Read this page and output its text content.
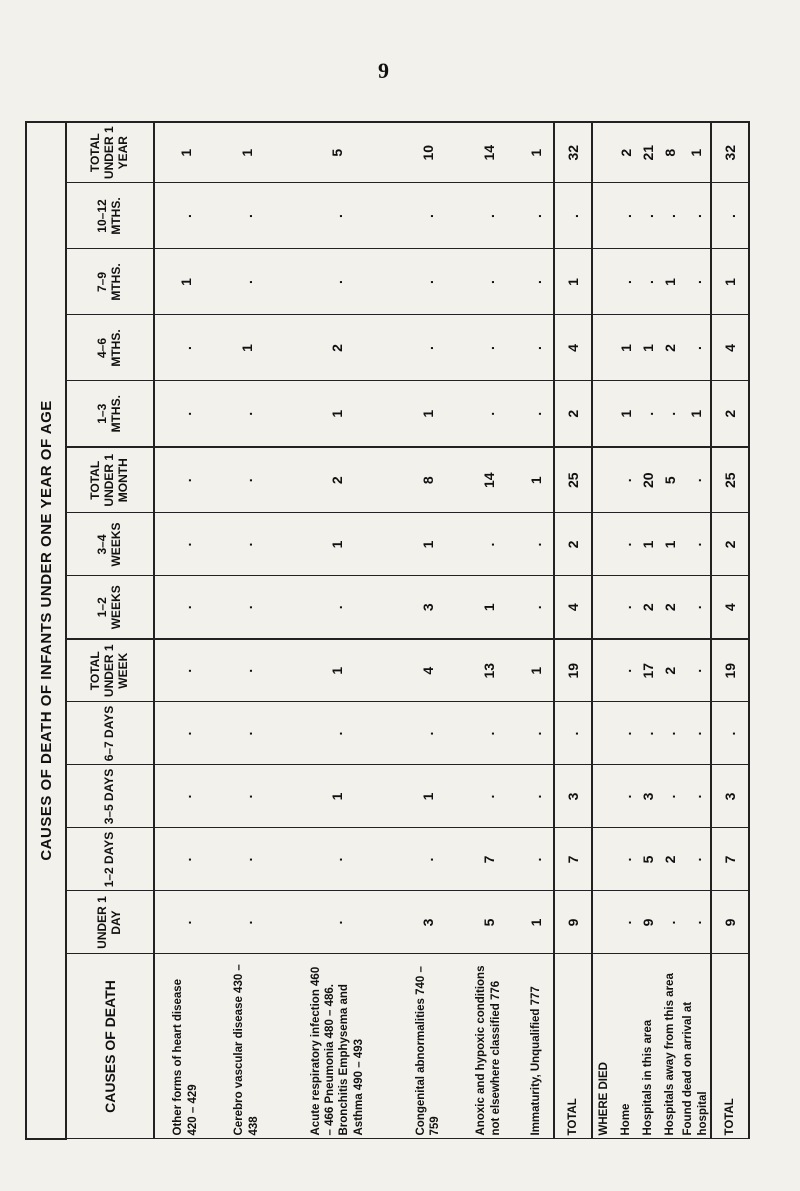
9
CAUSES OF DEATH OF INFANTS UNDER ONE YEAR OF AGE													
CAUSES OF DEATH	UNDER 1 DAY	1–2 DAYS	3–5 DAYS	6–7 DAYS	TOTAL UNDER 1 WEEK	1–2 WEEKS	3–4 WEEKS	TOTAL UNDER 1 MONTH	1–3 MTHS.	4–6 MTHS.	7–9 MTHS.	10–12 MTHS.	TOTAL UNDER 1 YEAR
Other forms of heart disease 420 – 429	.	.	.	.	.	.	.	.	.	.	1	.	1
Cerebro vascular disease 430 – 438	.	.	.	.	.	.	.	.	.	1	.	.	1
Acute respiratory infection 460 – 466 Pneumonia 480 – 486. Bronchitis Emphysema and Asthma 490 – 493	.	.	1	.	1	.	1	2	1	2	.	.	5
Congenital abnormalities 740 – 759	3	.	1	.	4	3	1	8	1	.	.	.	10
Anoxic and hypoxic conditions not elsewhere classified 776	5	7	.	.	13	1	.	14	.	.	.	.	14
Immaturity, Unqualified 777	1	.	.	.	1	.	.	1	.	.	.	.	1
TOTAL	9	7	3	.	19	4	2	25	2	4	1	.	32
WHERE DIED													
Home	.	.	.	.	.	.	.	.	1	1	.	.	2
Hospitals in this area	9	5	3	.	17	2	1	20	.	1	.	.	21
Hospitals away from this area	.	2	.	.	2	2	1	5	.	2	1	.	8
Found dead on arrival at hospital	.	.	.	.	.	.	.	.	1	.	.	.	1
TOTAL	9	7	3	.	19	4	2	25	2	4	1	.	32
